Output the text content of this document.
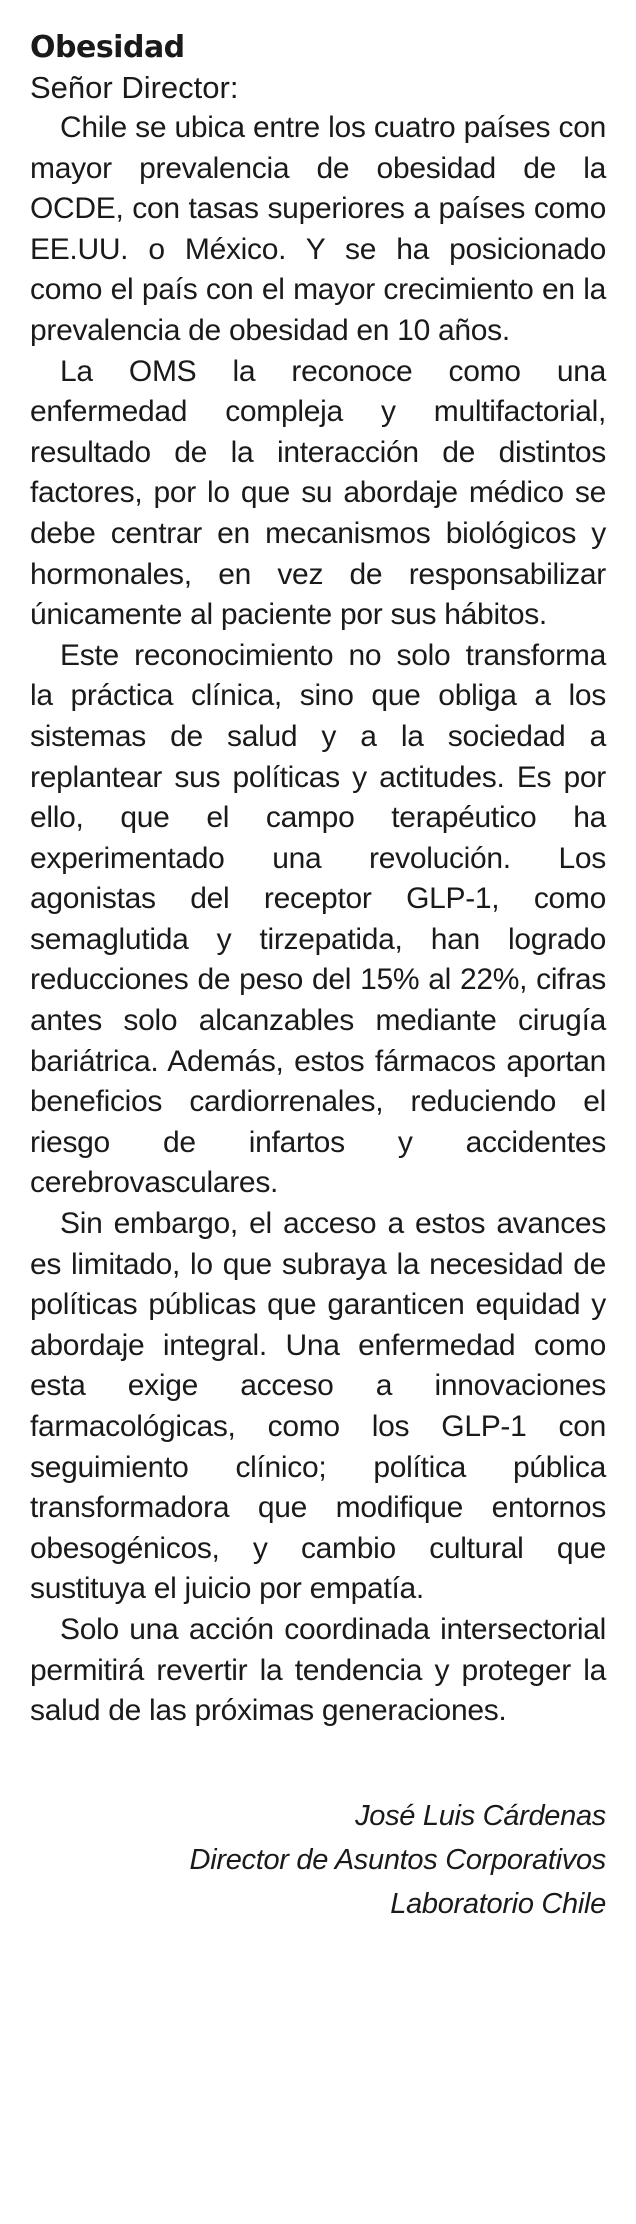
Obesidad

Señor Director:

Chile se ubica entre los cuatro países con mayor prevalencia de obesidad de la OCDE, con tasas superiores a países como EE.UU. o México. Y se ha posicionado como el país con el mayor crecimiento en la prevalencia de obesidad en 10 años.

La OMS la reconoce como una enfermedad compleja y multifactorial, resultado de la interacción de distintos factores, por lo que su abordaje médico se debe centrar en mecanismos biológicos y hormonales, en vez de responsabilizar únicamente al paciente por sus hábitos.

Este reconocimiento no solo transforma la práctica clínica, sino que obliga a los sistemas de salud y a la sociedad a replantear sus políticas y actitudes. Es por ello, que el campo terapéutico ha experimentado una revolución. Los agonistas del receptor GLP-1, como semaglutida y tirzepatida, han logrado reducciones de peso del 15% al 22%, cifras antes solo alcanzables mediante cirugía bariátrica. Además, estos fármacos aportan beneficios cardiorrenales, reduciendo el riesgo de infartos y accidentes cerebrovasculares.

Sin embargo, el acceso a estos avances es limitado, lo que subraya la necesidad de políticas públicas que garanticen equidad y abordaje integral. Una enfermedad como esta exige acceso a innovaciones farmacológicas, como los GLP-1 con seguimiento clínico; política pública transformadora que modifique entornos obesogénicos, y cambio cultural que sustituya el juicio por empatía.

Solo una acción coordinada intersectorial permitirá revertir la tendencia y proteger la salud de las próximas generaciones.

José Luis Cárdenas
Director de Asuntos Corporativos
Laboratorio Chile
